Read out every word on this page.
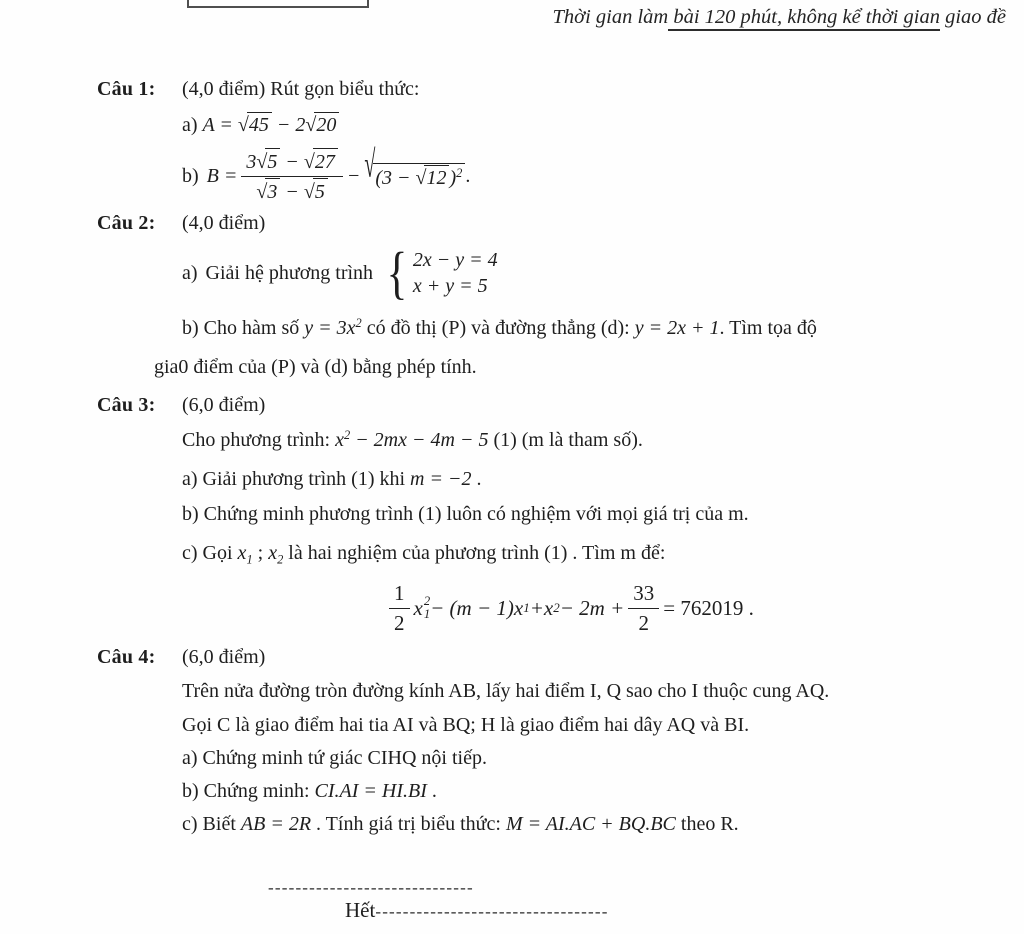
Thời gian làm bài 120 phút, không kể thời gian giao đề
Câu 1: (4,0 điểm) Rút gọn biểu thức:
a) A = √ 45 − 2 √ 20
b) B = 3 √ 5 − √ 27
√ 3 − √ 5 − √ (3 − √ 12 )$^2$ .
Câu 2: (4,0 điểm)
a) Giải hệ phương trình
{ 2x − y = 4
x + y = 5
b) Cho hàm số $y = 3x^2$ có đồ thị (P) và đường thẳng (d): y = 2x + 1. Tìm tọa độ
gia0 điểm của (P) và (d) bằng phép tính.
Câu 3: (6,0 điểm)
Cho phương trình: $x^2 - 2mx - 4m - 5$ (1) (m là tham số).
a) Giải phương trình (1) khi m = −2 .
b) Chứng minh phương trình (1) luôn có nghiệm với mọi giá trị của m.
c) Gọi $x_1$ ; $x_2$ là hai nghiệm của phương trình (1) . Tìm m để:
$\frac{1}{2}$ x 2
1 − (m − 1) x 1 + x $2 - 2m + \frac{33}{2} = 762019$ .
Câu 4: (6,0 điểm)
Trên nửa đường tròn đường kính AB, lấy hai điểm I, Q sao cho I thuộc cung AQ.
Gọi C là giao điểm hai tia AI và BQ; H là giao điểm hai dây AQ và BI.
a) Chứng minh tứ giác CIHQ nội tiếp.
b) Chứng minh: CI.AI = HI.BI .
c) Biết AB = 2R . Tính giá trị biểu thức: M = AI.AC + BQ.BC theo R.
------------------------------
Hết----------------------------------
